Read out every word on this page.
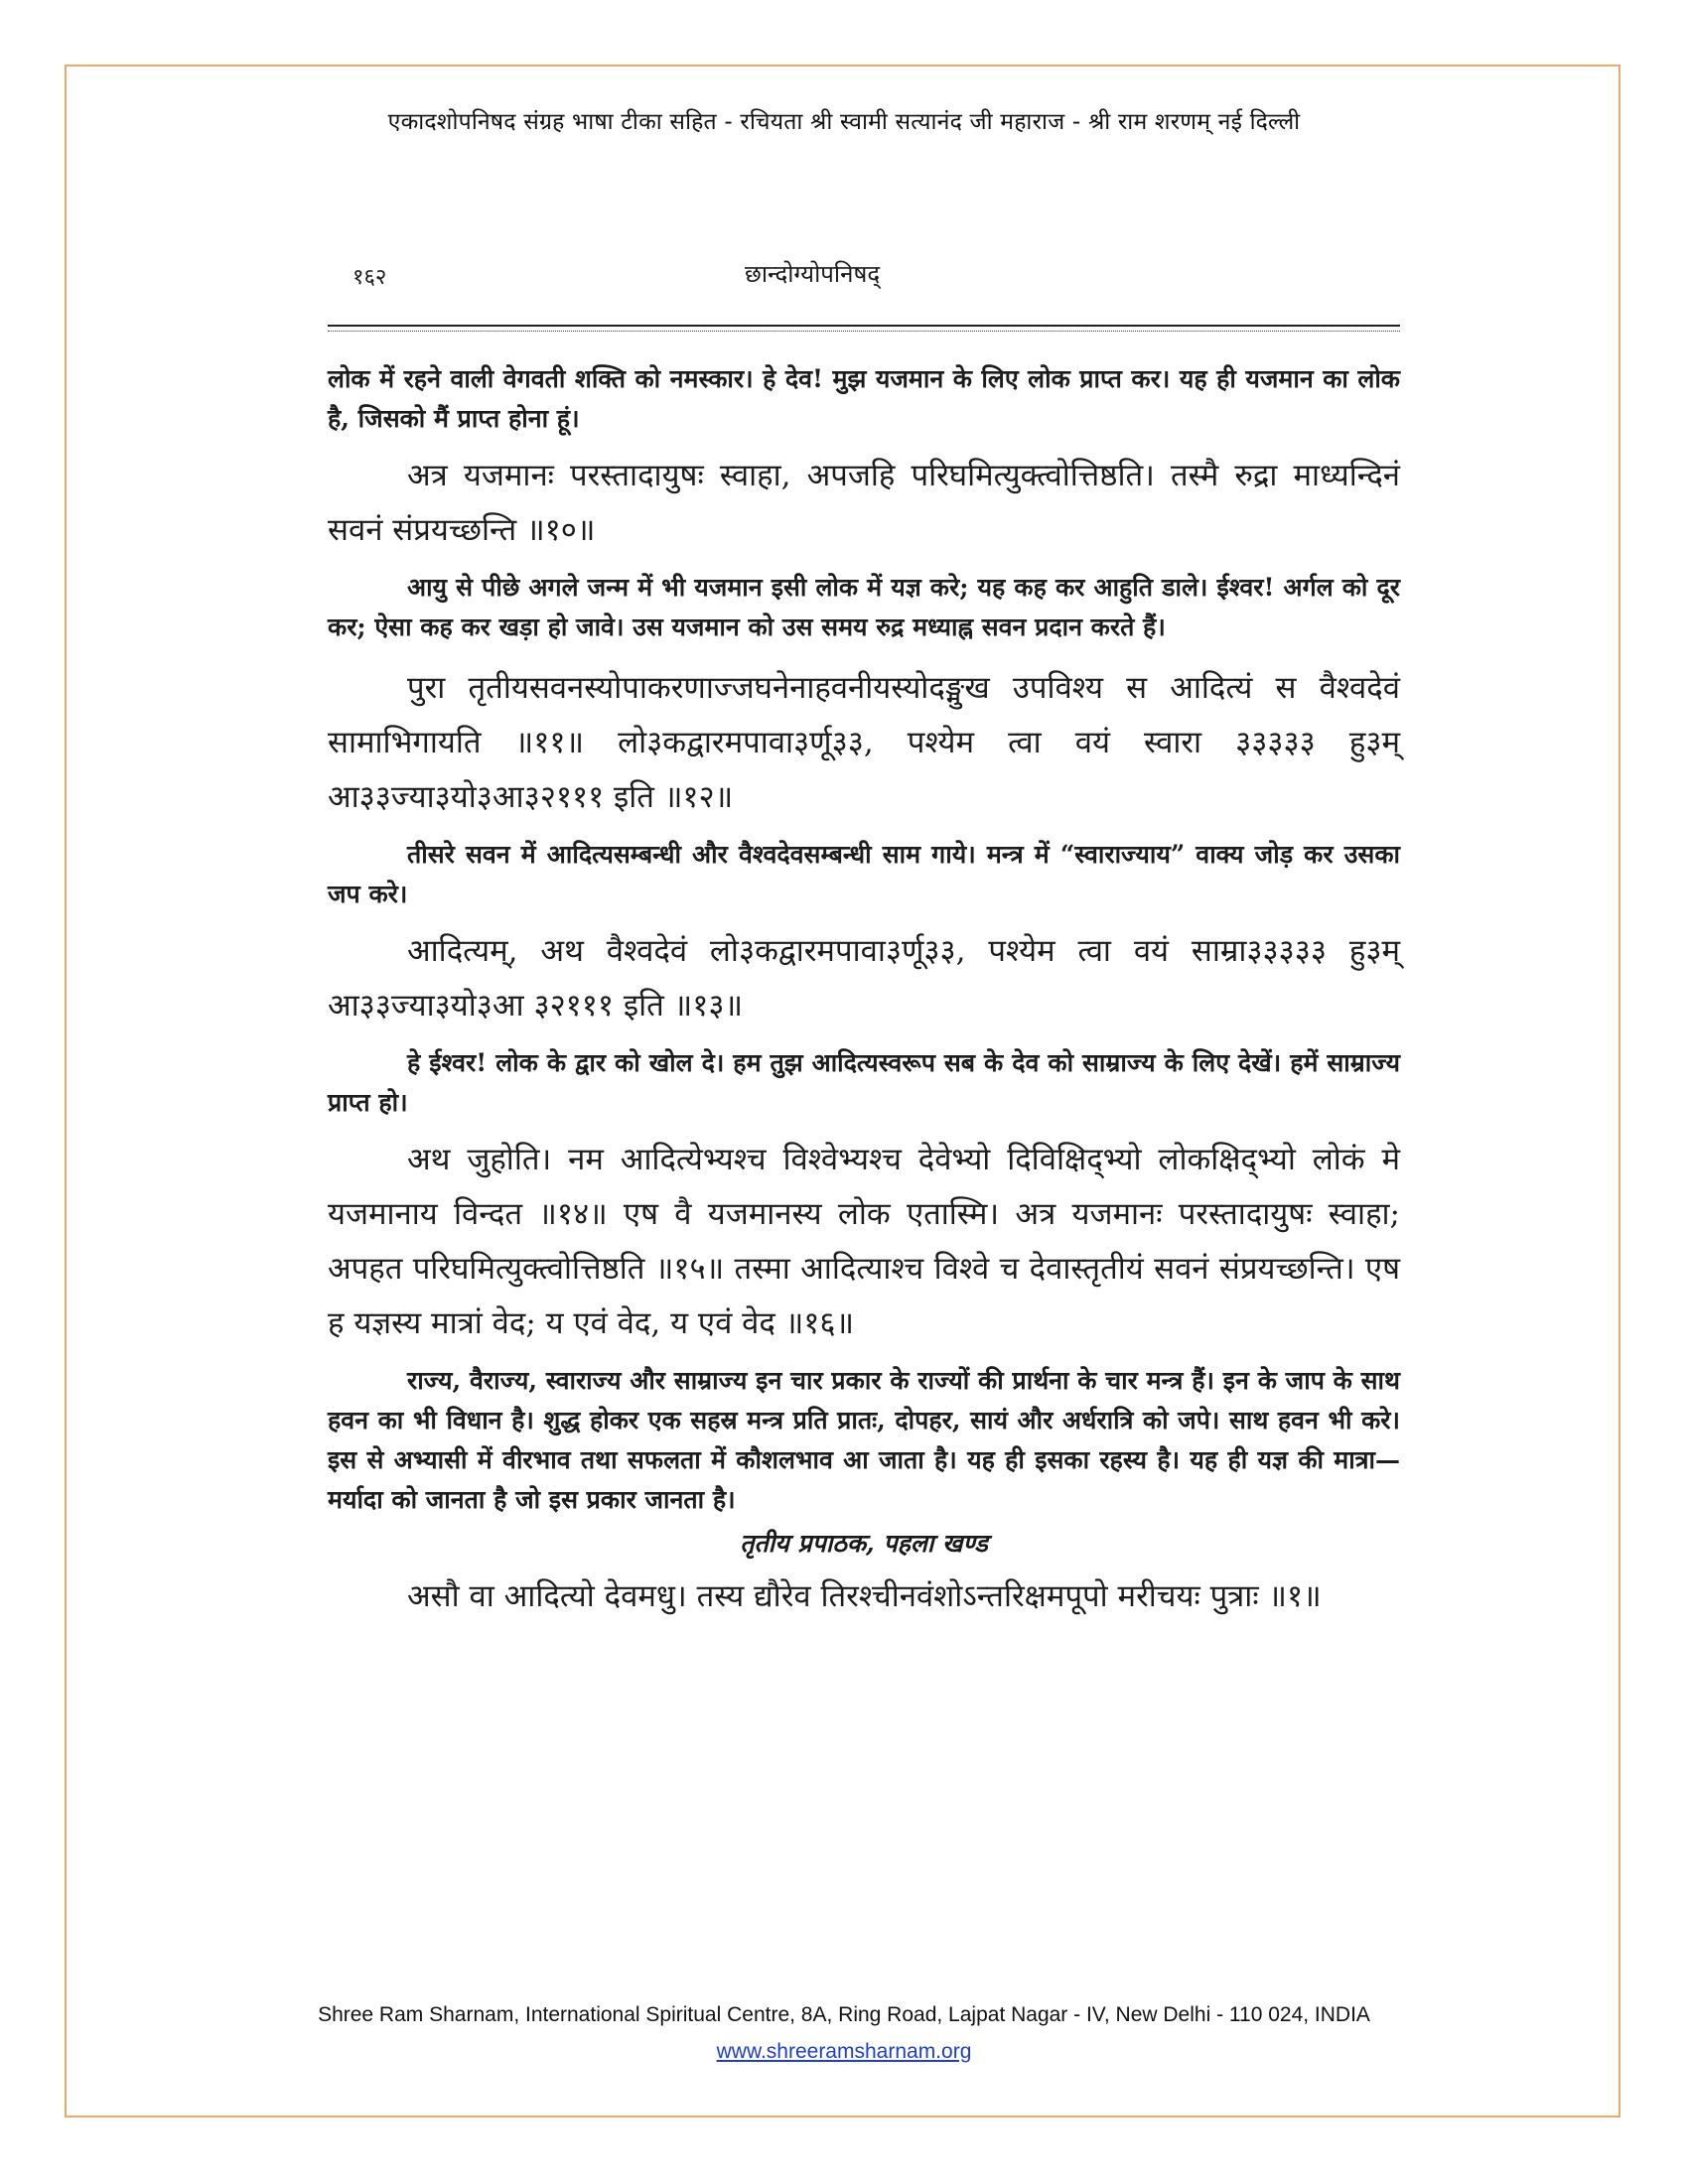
एकादशोपनिषद संग्रह भाषा टीका सहित - रचियता श्री स्वामी सत्यानंद जी महाराज - श्री राम शरणम् नई दिल्ली
१६२	छान्दोग्योपनिषद्

लोक में रहने वाली वेगवती शक्ति को नमस्कार। हे देव! मुझ यजमान के लिए लोक प्राप्त कर। यह ही यजमान का लोक है, जिसको मैं प्राप्त होना हूं।

अत्र यजमानः परस्तादायुषः स्वाहा, अपजहि परिघमित्युक्त्वोत्तिष्ठति। तस्मै रुद्रा माध्यन्दिनं सवनं संप्रयच्छन्ति ॥१०॥

आयु से पीछे अगले जन्म में भी यजमान इसी लोक में यज्ञ करे; यह कह कर आहुति डाले। ईश्वर! अर्गल को दूर कर; ऐसा कह कर खड़ा हो जावे। उस यजमान को उस समय रुद्र मध्याह्न सवन प्रदान करते हैं।

पुरा तृतीयसवनस्योपाकरणाज्जघनेनाहवनीयस्योदङ्मुख उपविश्य स आदित्यं स वैश्वदेवं सामाभिगायति ॥११॥ लो३कद्वारमपावा३र्णू३३, पश्येम त्वा वयं स्वारा ३३३३३ हु३म् आ३३ज्या३यो३आ३२१११ इति ॥१२॥

तीसरे सवन में आदित्यसम्बन्धी और वैश्वदेवसम्बन्धी साम गाये। मन्त्र में “स्वाराज्याय” वाक्य जोड़ कर उसका जप करे।

आदित्यम्, अथ वैश्वदेवं लो३कद्वारमपावा३र्णू३३, पश्येम त्वा वयं साम्रा३३३३३ हु३म् आ३३ज्या३यो३आ ३२१११ इति ॥१३॥

हे ईश्वर! लोक के द्वार को खोल दे। हम तुझ आदित्यस्वरूप सब के देव को साम्राज्य के लिए देखें। हमें साम्राज्य प्राप्त हो।

अथ जुहोति। नम आदित्येभ्यश्च विश्वेभ्यश्च देवेभ्यो दिविक्षिद्भ्यो लोकक्षिद्भ्यो लोकं मे यजमानाय विन्दत ॥१४॥ एष वै यजमानस्य लोक एतास्मि। अत्र यजमानः परस्तादायुषः स्वाहा; अपहत परिघमित्युक्त्वोत्तिष्ठति ॥१५॥ तस्मा आदित्याश्च विश्वे च देवास्तृतीयं सवनं संप्रयच्छन्ति। एष ह यज्ञस्य मात्रां वेद; य एवं वेद, य एवं वेद ॥१६॥

राज्य, वैराज्य, स्वाराज्य और साम्राज्य इन चार प्रकार के राज्यों की प्रार्थना के चार मन्त्र हैं। इन के जाप के साथ हवन का भी विधान है। शुद्ध होकर एक सहस्र मन्त्र प्रति प्रातः, दोपहर, सायं और अर्धरात्रि को जपे। साथ हवन भी करे। इस से अभ्यासी में वीरभाव तथा सफलता में कौशलभाव आ जाता है। यह ही इसका रहस्य है। यह ही यज्ञ की मात्रा—मर्यादा को जानता है जो इस प्रकार जानता है।

तृतीय प्रपाठक, पहला खण्ड

असौ वा आदित्यो देवमधु। तस्य द्यौरेव तिरश्चीनवंशोऽन्तरिक्षमपूपो मरीचयः पुत्राः ॥१॥

Shree Ram Sharnam, International Spiritual Centre, 8A, Ring Road, Lajpat Nagar - IV, New Delhi - 110 024, INDIA
www.shreeramsharnam.org
